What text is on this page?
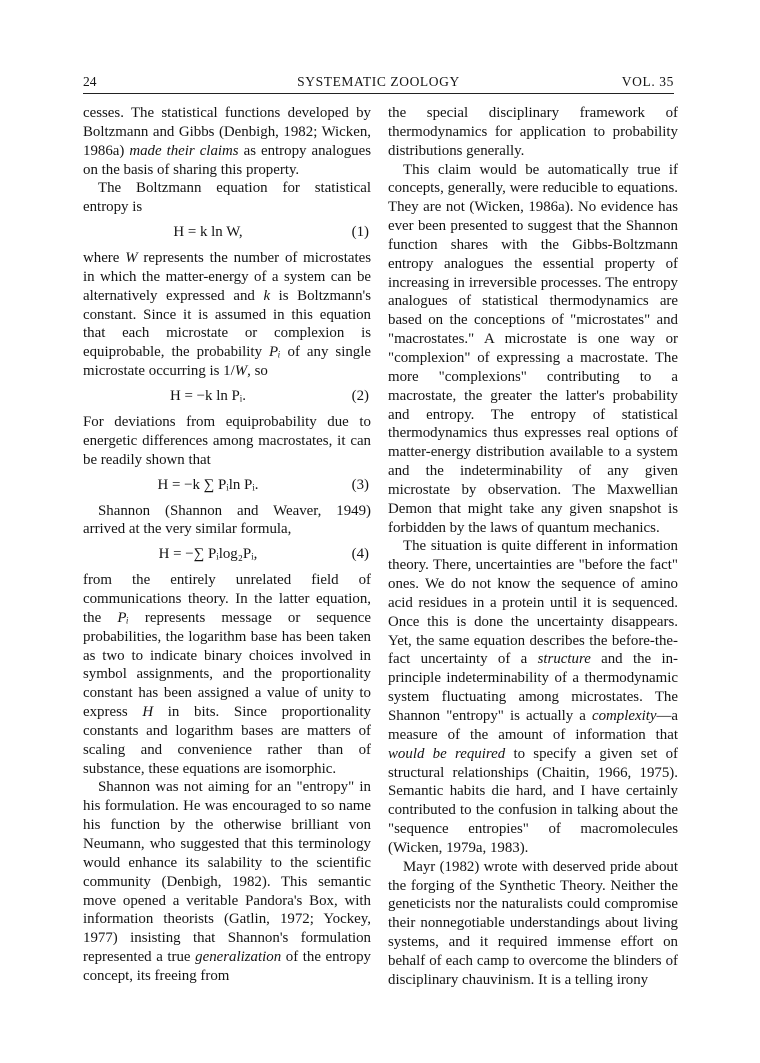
24	SYSTEMATIC ZOOLOGY	VOL. 35

cesses. The statistical functions developed by Boltzmann and Gibbs (Denbigh, 1982; Wicken, 1986a) made their claims as entropy analogues on the basis of sharing this property.

The Boltzmann equation for statistical entropy is

H = k ln W,	(1)

where W represents the number of microstates in which the matter-energy of a system can be alternatively expressed and k is Boltzmann's constant. Since it is assumed in this equation that each microstate or complexion is equiprobable, the probability Pᵢ of any single microstate occurring is 1/W, so

H = −k ln Pᵢ.	(2)

For deviations from equiprobability due to energetic differences among macrostates, it can be readily shown that

H = −k ∑ Pᵢln Pᵢ.	(3)

Shannon (Shannon and Weaver, 1949) arrived at the very similar formula,

H = −∑ Pᵢlog₂Pᵢ,	(4)

from the entirely unrelated field of communications theory. In the latter equation, the Pᵢ represents message or sequence probabilities, the logarithm base has been taken as two to indicate binary choices involved in symbol assignments, and the proportionality constant has been assigned a value of unity to express H in bits. Since proportionality constants and logarithm bases are matters of scaling and convenience rather than of substance, these equations are isomorphic.

Shannon was not aiming for an "entropy" in his formulation. He was encouraged to so name his function by the otherwise brilliant von Neumann, who suggested that this terminology would enhance its salability to the scientific community (Denbigh, 1982). This semantic move opened a veritable Pandora's Box, with information theorists (Gatlin, 1972; Yockey, 1977) insisting that Shannon's formulation represented a true generalization of the entropy concept, its freeing from

the special disciplinary framework of thermodynamics for application to probability distributions generally.

This claim would be automatically true if concepts, generally, were reducible to equations. They are not (Wicken, 1986a). No evidence has ever been presented to suggest that the Shannon function shares with the Gibbs-Boltzmann entropy analogues the essential property of increasing in irreversible processes. The entropy analogues of statistical thermodynamics are based on the conceptions of "microstates" and "macrostates." A microstate is one way or "complexion" of expressing a macrostate. The more "complexions" contributing to a macrostate, the greater the latter's probability and entropy. The entropy of statistical thermodynamics thus expresses real options of matter-energy distribution available to a system and the indeterminability of any given microstate by observation. The Maxwellian Demon that might take any given snapshot is forbidden by the laws of quantum mechanics.

The situation is quite different in information theory. There, uncertainties are "before the fact" ones. We do not know the sequence of amino acid residues in a protein until it is sequenced. Once this is done the uncertainty disappears. Yet, the same equation describes the before-the-fact uncertainty of a structure and the in-principle indeterminability of a thermodynamic system fluctuating among microstates. The Shannon "entropy" is actually a complexity—a measure of the amount of information that would be required to specify a given set of structural relationships (Chaitin, 1966, 1975). Semantic habits die hard, and I have certainly contributed to the confusion in talking about the "sequence entropies" of macromolecules (Wicken, 1979a, 1983).

Mayr (1982) wrote with deserved pride about the forging of the Synthetic Theory. Neither the geneticists nor the naturalists could compromise their nonnegotiable understandings about living systems, and it required immense effort on behalf of each camp to overcome the blinders of disciplinary chauvinism. It is a telling irony
